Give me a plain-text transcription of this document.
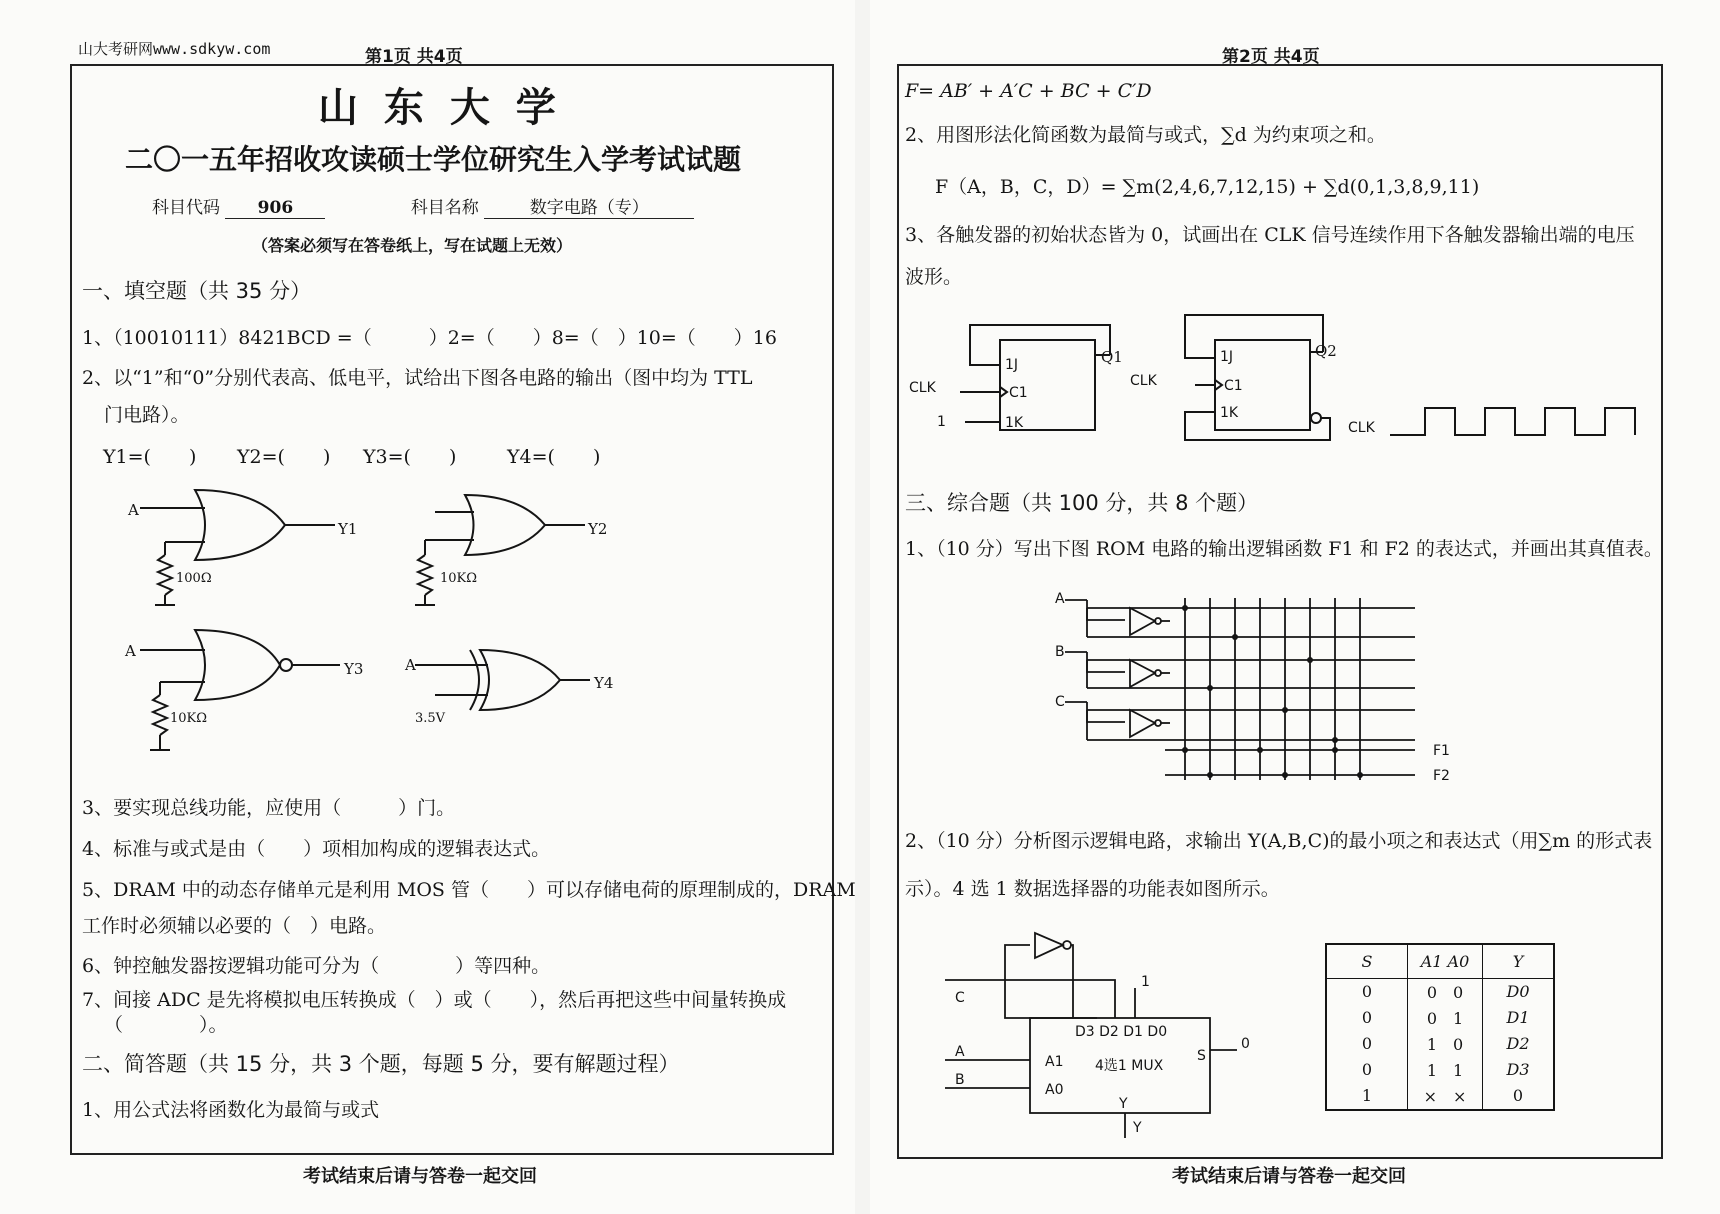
山大考研网www.sdkyw.com	第1页 共4页
山 东 大 学
二〇一五年招收攻读硕士学位研究生入学考试试题
科目代码 906	科目名称	数字电路（专）
（答案必须写在答卷纸上，写在试题上无效）
一、填空题（共 35 分）
1、（10010111）8421BCD =（　　　）2=（　　）8=（　）10=（　　）16
2、以“1”和“0”分别代表高、低电平，试给出下图各电路的输出（图中均为 TTL
门电路）。
Y1=(　　) Y2=(　　) Y3=(　　)	Y4=(　　)
A
Y1
100Ω
Y2
10KΩ
A
Y3
10KΩ
A
3.5V
Y4
3、要实现总线功能，应使用（　　　）门。
4、标准与或式是由（　　）项相加构成的逻辑表达式。
5、DRAM 中的动态存储单元是利用 MOS 管（　　）可以存储电荷的原理制成的，DRAM
工作时必须辅以必要的（　）电路。
6、钟控触发器按逻辑功能可分为（　　　　）等四种。
7、间接 ADC 是先将模拟电压转换成（　）或（　　），然后再把这些中间量转换成
（　　　　）。
二、简答题（共 15 分，共 3 个题，每题 5 分，要有解题过程）
1、用公式法将函数化为最简与或式
考试结束后请与答卷一起交回
第2页 共4页
F= AB′ + A′C + BC + C′D
2、用图形法化简函数为最简与或式，∑d 为约束项之和。
F（A，B，C，D）= ∑m(2,4,6,7,12,15) + ∑d(0,1,3,8,9,11)
3、各触发器的初始状态皆为 0，试画出在 CLK 信号连续作用下各触发器输出端的电压
波形。
1J
C1
1K
CLK
1
Q1	1J
C1
1K
CLK
Q2
CLK
三、综合题（共 100 分，共 8 个题）
1、（10 分）写出下图 ROM 电路的输出逻辑函数 F1 和 F2 的表达式，并画出其真值表。
A
B
C
F1
F2
2、（10 分）分析图示逻辑电路，求输出 Y(A,B,C)的最小项之和表达式（用∑m 的形式表
示）。4 选 1 数据选择器的功能表如图所示。
C
A
B
1
0
D3 D2 D1 D0
A1
A0
4选1 MUX
S
Y
Y
S	A1 A0	Y
0	0　0	D0
0	0　1	D1
0	1　0	D2
0	1　1	D3
1	×　×	0
考试结束后请与答卷一起交回
